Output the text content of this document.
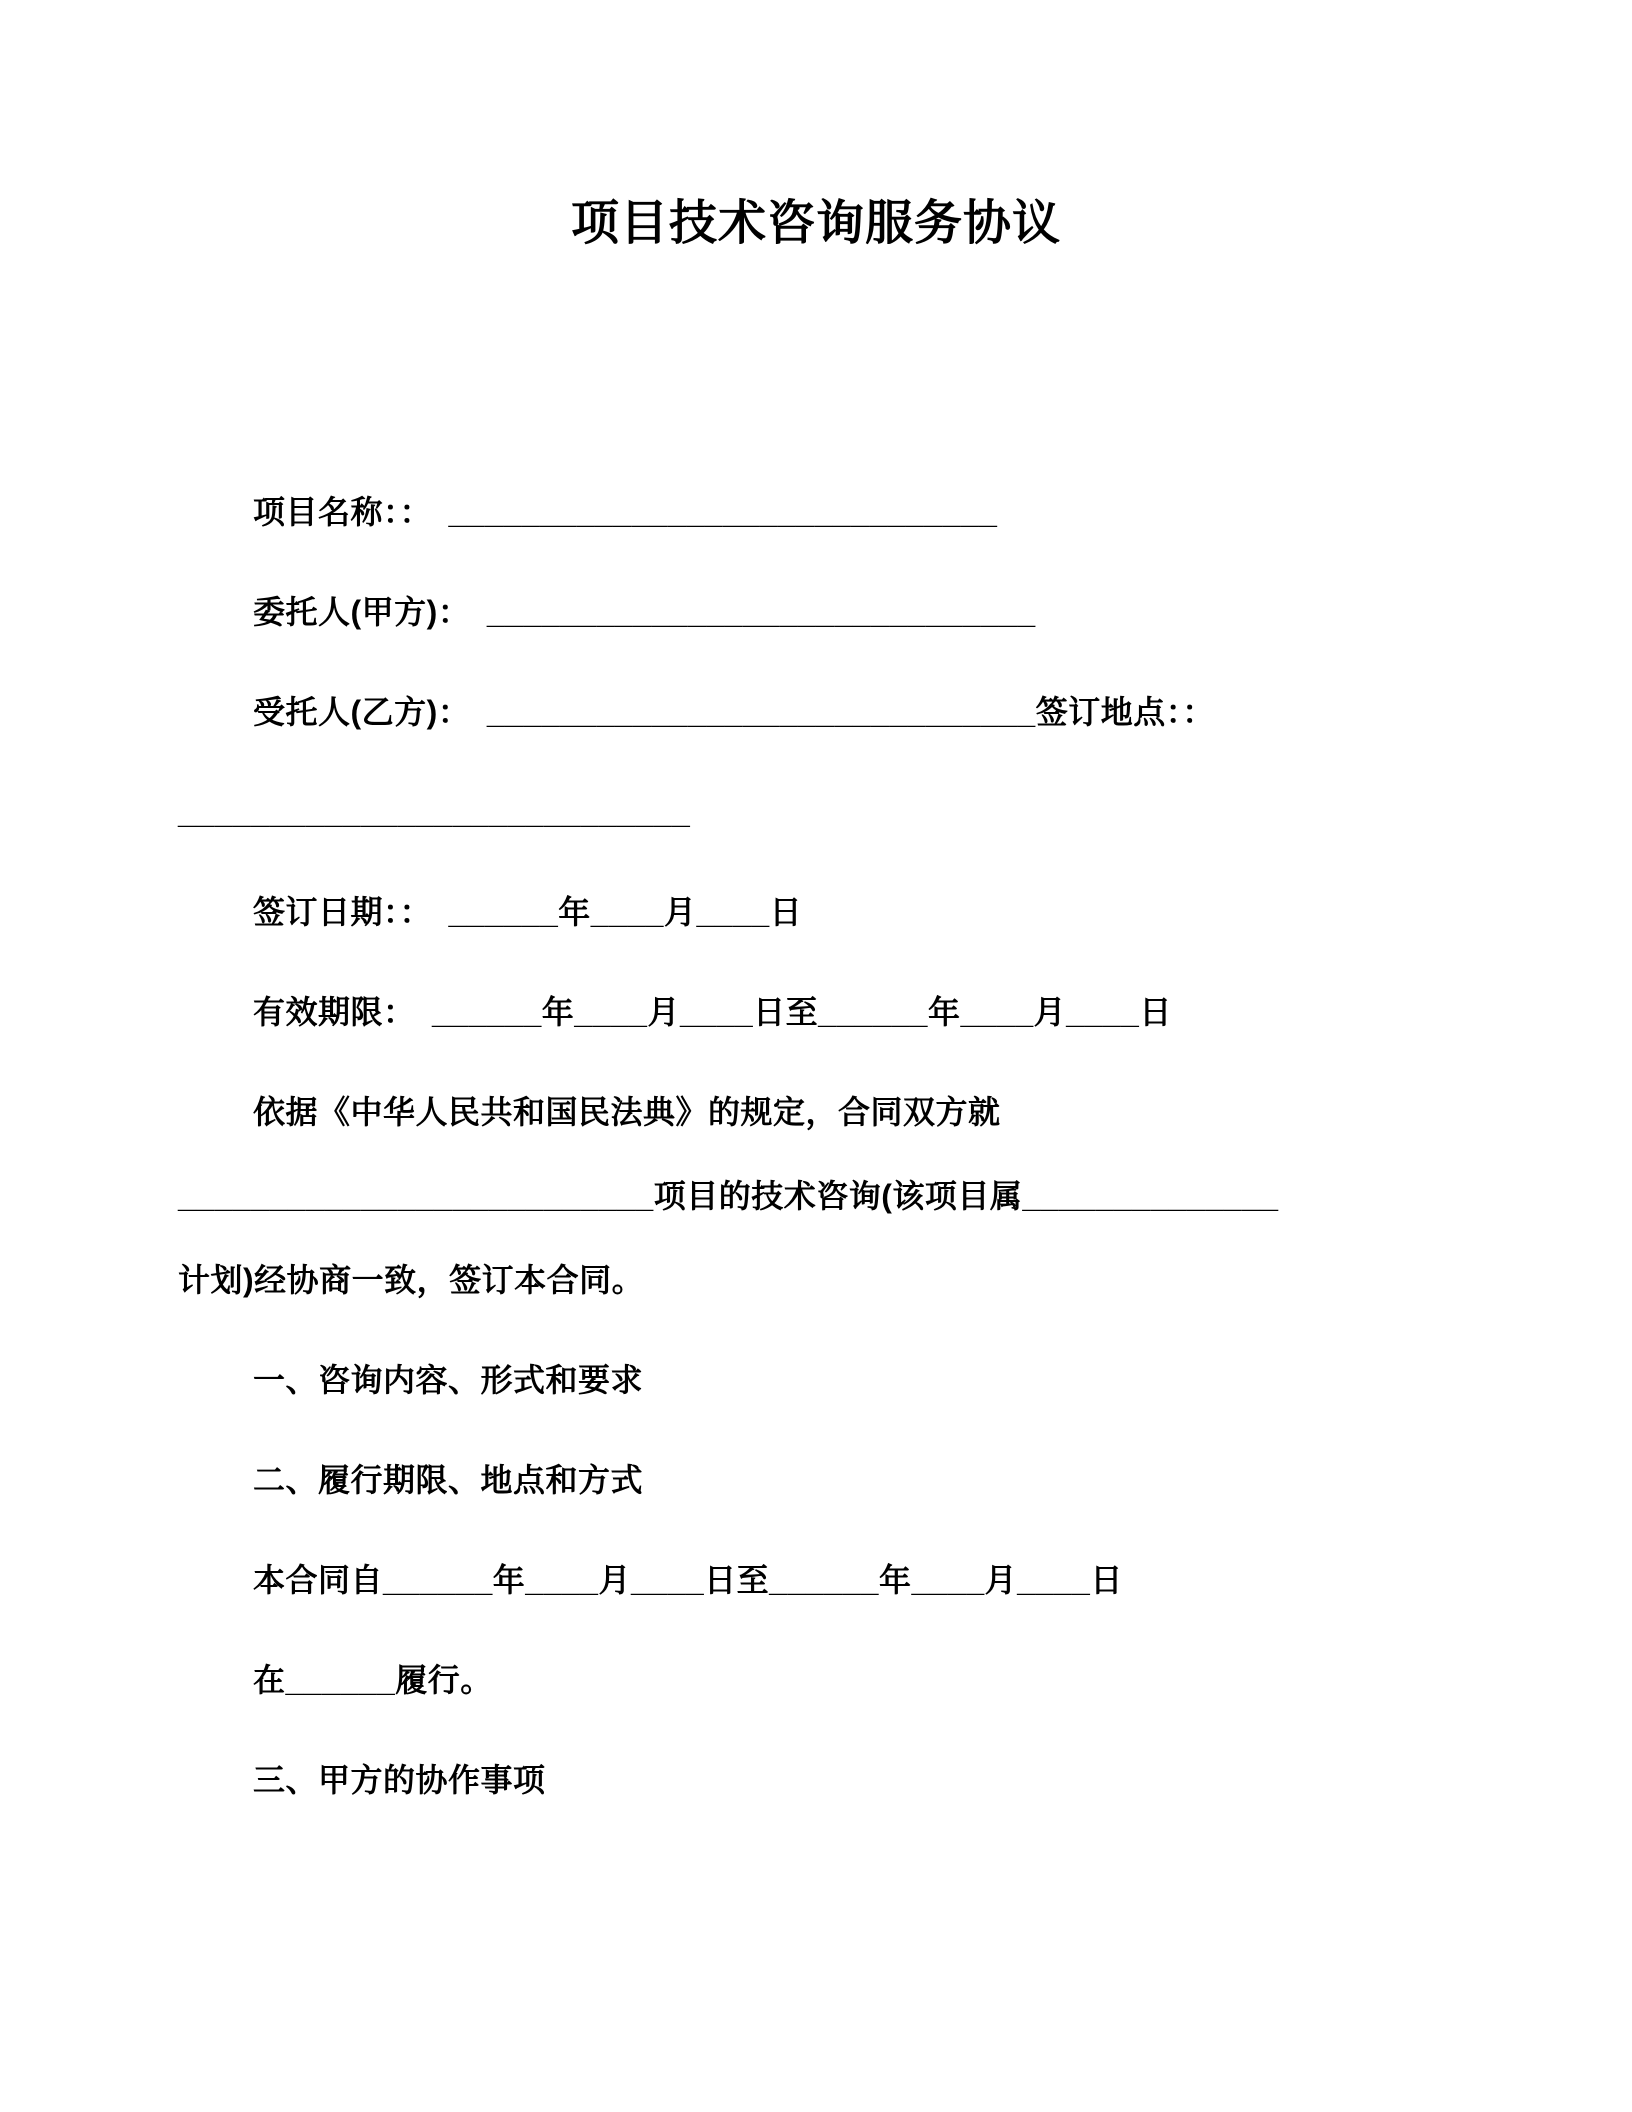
项目技术咨询服务协议

项目名称：：　______________________________

委托人(甲方)：　______________________________

受托人(乙方)：　______________________________签订地点：：

____________________________

签订日期：：　______年____月____日

有效期限：　______年____月____日至______年____月____日

依据《中华人民共和国民法典》的规定，合同双方就

__________________________项目的技术咨询(该项目属______________

计划)经协商一致，签订本合同。

一、咨询内容、形式和要求

二、履行期限、地点和方式

本合同自______年____月____日至______年____月____日

在______履行。

三、甲方的协作事项
